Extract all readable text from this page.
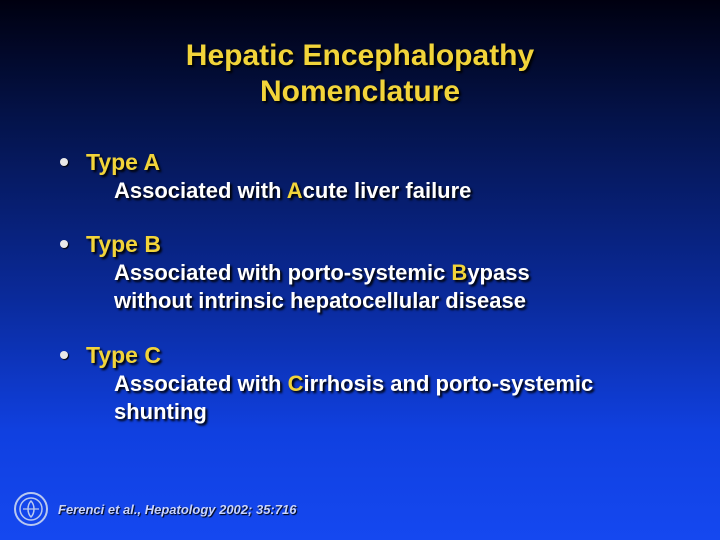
Hepatic Encephalopathy
Nomenclature
Type A
Associated with Acute liver failure
Type B
Associated with porto-systemic Bypass
without intrinsic hepatocellular disease
Type C
Associated with Cirrhosis and porto-systemic
shunting
Ferenci et al., Hepatology 2002; 35:716
